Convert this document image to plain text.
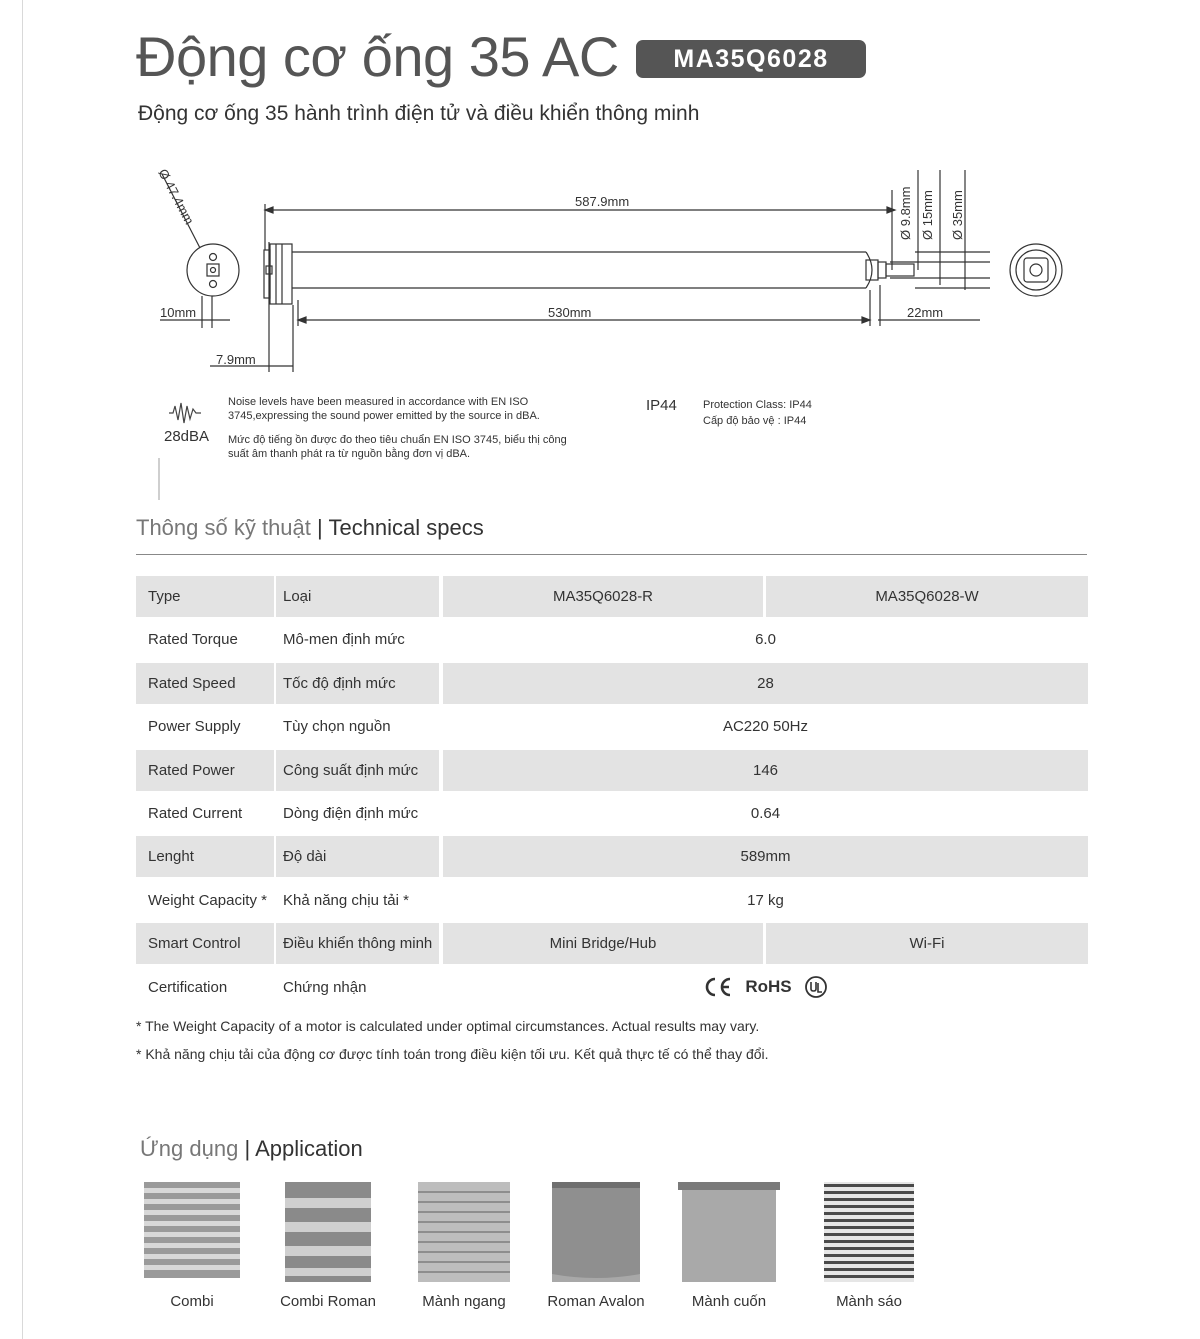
Động cơ ống 35 AC	MA35Q6028
Động cơ ống 35 hành trình điện tử và điều khiển thông minh
Ø 47.4mm	587.9mm
530mm
10mm
7.9mm
22mm
Ø 9.8mm Ø 15mm Ø 35mm
28dBA

Noise levels have been measured in accordance with EN ISO 3745,expressing the sound power emitted by the source in dBA.

Mức độ tiếng ồn được đo theo tiêu chuẩn EN ISO 3745, biểu thị công suất âm thanh phát ra từ nguồn bằng đơn vị dBA.

IP44 Protection Class: IP44
Cấp độ bảo vệ : IP44
Thông số kỹ thuật | Technical specs
Type	Loại	MA35Q6028-R	MA35Q6028-W
Rated Torque	Mô-men định mức	6.0
Rated Speed	Tốc độ định mức	28
Power Supply	Tùy chọn nguồn	AC220 50Hz
Rated Power	Công suất định mức	146
Rated Current	Dòng điện định mức	0.64
Lenght	Độ dài	589mm
Weight Capacity *	Khả năng chịu tải *	17 kg
Smart Control	Điều khiển thông minh	Mini Bridge/Hub	Wi-Fi
Certification	Chứng nhận	RoHS
* The Weight Capacity of a motor is calculated under optimal circumstances. Actual results may vary.
* Khả năng chịu tải của động cơ được tính toán trong điều kiện tối ưu. Kết quả thực tế có thể thay đổi.
Ứng dụng | Application
Combi	Combi Roman	Mành ngang	Roman Avalon	Mành cuốn	Mành sáo
